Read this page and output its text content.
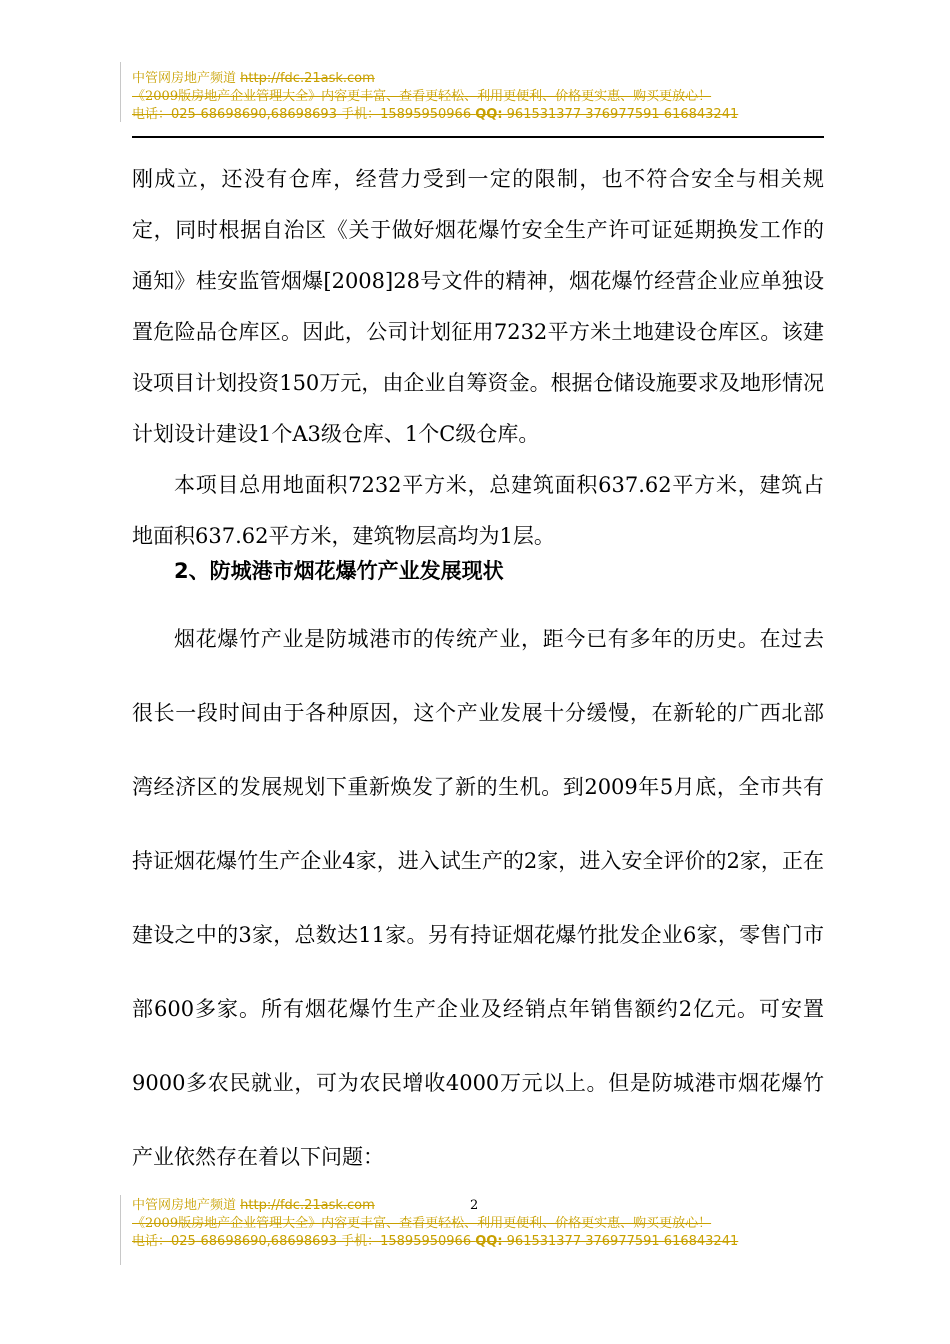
中管网房地产频道 http://fdc.21ask.com
《2009版房地产企业管理大全》内容更丰富、查看更轻松、利用更便利、价格更实惠、购买更放心！
电话：025-68698690,68698693 手机：15895950966 QQ: 961531377 376977591 616843241

刚成立，还没有仓库，经营力受到一定的限制，也不符合安全与相关规定，同时根据自治区《关于做好烟花爆竹安全生产许可证延期换发工作的通知》桂安监管烟爆[2008]28号文件的精神，烟花爆竹经营企业应单独设置危险品仓库区。因此，公司计划征用7232平方米土地建设仓库区。该建设项目计划投资150万元，由企业自筹资金。根据仓储设施要求及地形情况计划设计建设1个A3级仓库、1个C级仓库。

本项目总用地面积7232平方米，总建筑面积637.62平方米，建筑占地面积637.62平方米，建筑物层高均为1层。

2、防城港市烟花爆竹产业发展现状

烟花爆竹产业是防城港市的传统产业，距今已有多年的历史。在过去很长一段时间由于各种原因，这个产业发展十分缓慢，在新轮的广西北部湾经济区的发展规划下重新焕发了新的生机。到2009年5月底，全市共有持证烟花爆竹生产企业4家，进入试生产的2家，进入安全评价的2家，正在建设之中的3家，总数达11家。另有持证烟花爆竹批发企业6家，零售门市部600多家。所有烟花爆竹生产企业及经销点年销售额约2亿元。可安置9000多农民就业，可为农民增收4000万元以上。但是防城港市烟花爆竹产业依然存在着以下问题：

2
中管网房地产频道 http://fdc.21ask.com
《2009版房地产企业管理大全》内容更丰富、查看更轻松、利用更便利、价格更实惠、购买更放心！
电话：025-68698690,68698693 手机：15895950966 QQ: 961531377 376977591 616843241
